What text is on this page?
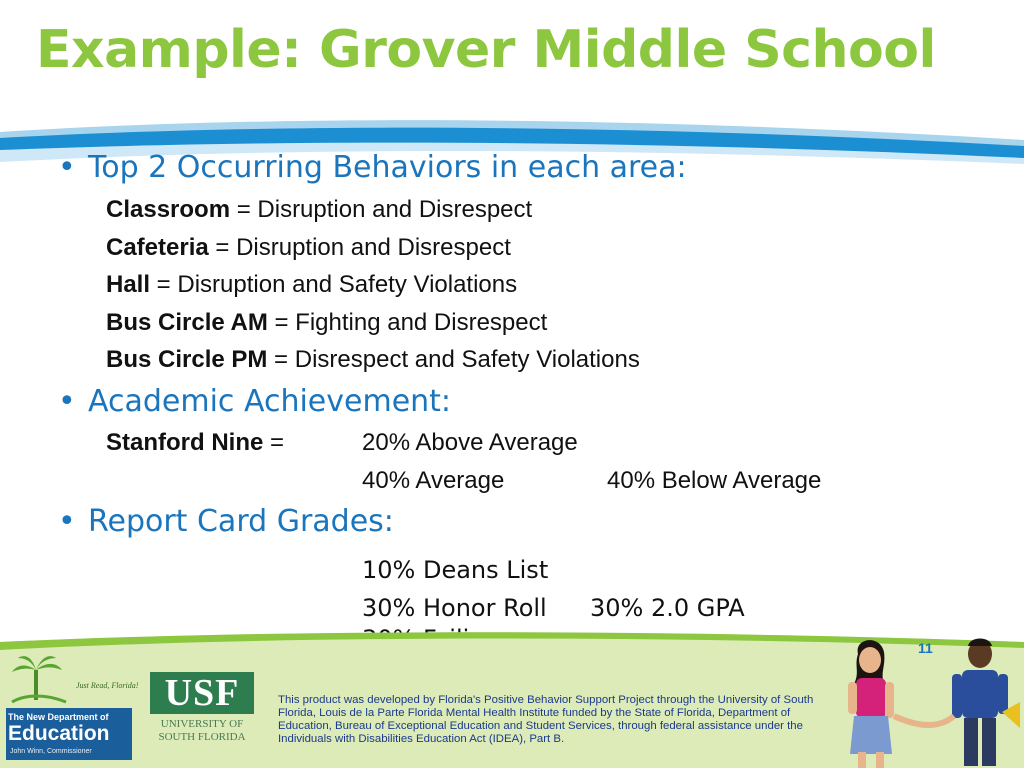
Example: Grover Middle School
• Top 2 Occurring Behaviors in each area:
Classroom = Disruption and Disrespect
Cafeteria = Disruption and Disrespect
Hall = Disruption and Safety Violations
Bus Circle AM = Fighting and Disrespect
Bus Circle PM = Disrespect and Safety Violations
• Academic Achievement:
Stanford Nine =	20% Above Average
40% Average	40% Below Average
• Report Card Grades:
10% Deans List
30% Honor Roll 30% 2.0 GPA
11
Just Read, Florida!
The New Department of
Education
John Winn, Commissioner
USF
UNIVERSITY OF
SOUTH FLORIDA
This product was developed by Florida's Positive Behavior Support Project through the University of South Florida, Louis de la Parte Florida Mental Health Institute funded by the State of Florida, Department of Education, Bureau of Exceptional Education and Student Services, through federal assistance under the Individuals with Disabilities Education Act (IDEA), Part B.
